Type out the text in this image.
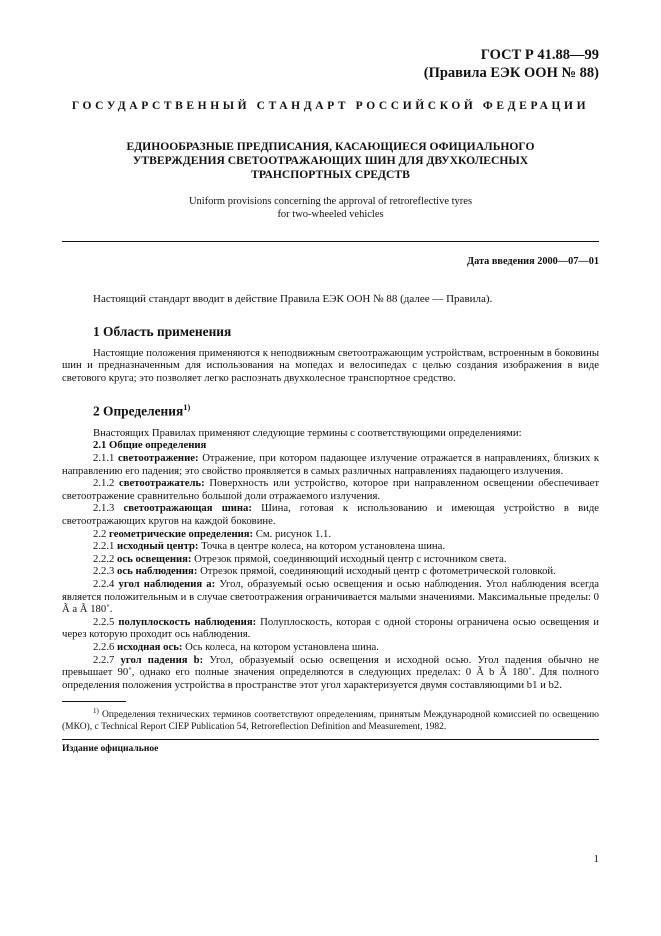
ГОСТ Р 41.88—99
(Правила ЕЭК ООН № 88)
ГОСУДАРСТВЕННЫЙ СТАНДАРТ РОССИЙСКОЙ ФЕДЕРАЦИИ
ЕДИНООБРАЗНЫЕ ПРЕДПИСАНИЯ, КАСАЮЩИЕСЯ ОФИЦИАЛЬНОГО УТВЕРЖДЕНИЯ СВЕТООТРАЖАЮЩИХ ШИН ДЛЯ ДВУХКОЛЕСНЫХ ТРАНСПОРТНЫХ СРЕДСТВ
Uniform provisions concerning the approval of retroreflective tyres
for two-wheeled vehicles
Дата введения 2000—07—01

Настоящий стандарт вводит в действие Правила ЕЭК ООН № 88 (далее — Правила).

1 Область применения

Настоящие положения применяются к неподвижным светоотражающим устройствам, встроенным в боковины шин и предназначенным для использования на мопедах и велосипедах с целью создания изображения в виде светового круга; это позволяет легко распознать двухколесное транспортное средство.

2 Определения$^{1)}$

Внастоящих Правилах применяют следующие термины с соответствующими определениями:

2.1 Общие определения

2.1.1 светоотражение: Отражение, при котором падающее излучение отражается в направлениях, близких к направлению его падения; это свойство проявляется в самых различных направлениях падающего излучения.

2.1.2 светоотражатель: Поверхность или устройство, которое при направленном освещении обеспечивает светоотражение сравнительно большой доли отражаемого излучения.

2.1.3 светоотражающая шина: Шина, готовая к использованию и имеющая устройство в виде светоотражающих кругов на каждой боковине.

2.2 геометрические определения: См. рисунок 1.1.

2.2.1 исходный центр: Точка в центре колеса, на котором установлена шина.

2.2.2 ось освещения: Отрезок прямой, соединяющий исходный центр с источником света.

2.2.3 ось наблюдения: Отрезок прямой, соединяющий исходный центр с фотометрической головкой.

2.2.4 угол наблюдения a: Угол, образуемый осью освещения и осью наблюдения. Угол наблюдения всегда является положительным и в случае светоотражения ограничивается малыми значениями. Максимальные пределы: 0 Ã a Ã 180˚.

2.2.5 полуплоскость наблюдения: Полуплоскость, которая с одной стороны ограничена осью освещения и через которую проходит ось наблюдения.

2.2.6 исходная ось: Ось колеса, на котором установлена шина.

2.2.7 угол падения b: Угол, образуемый осью освещения и исходной осью. Угол падения обычно не превышает 90˚, однако его полные значения определяются в следующих пределах: 0 Ã b Ã 180˚. Для полного определения положения устройства в пространстве этот угол характеризуется двумя составляющими b1 и b2.

$^{1)}$ Определения технических терминов соответствуют определениям, принятым Международной комиссией по освещению (МКО), с Technical Report CIEP Publication 54, Retroreflection Definition and Measurement, 1982.
Издание официальное
1
